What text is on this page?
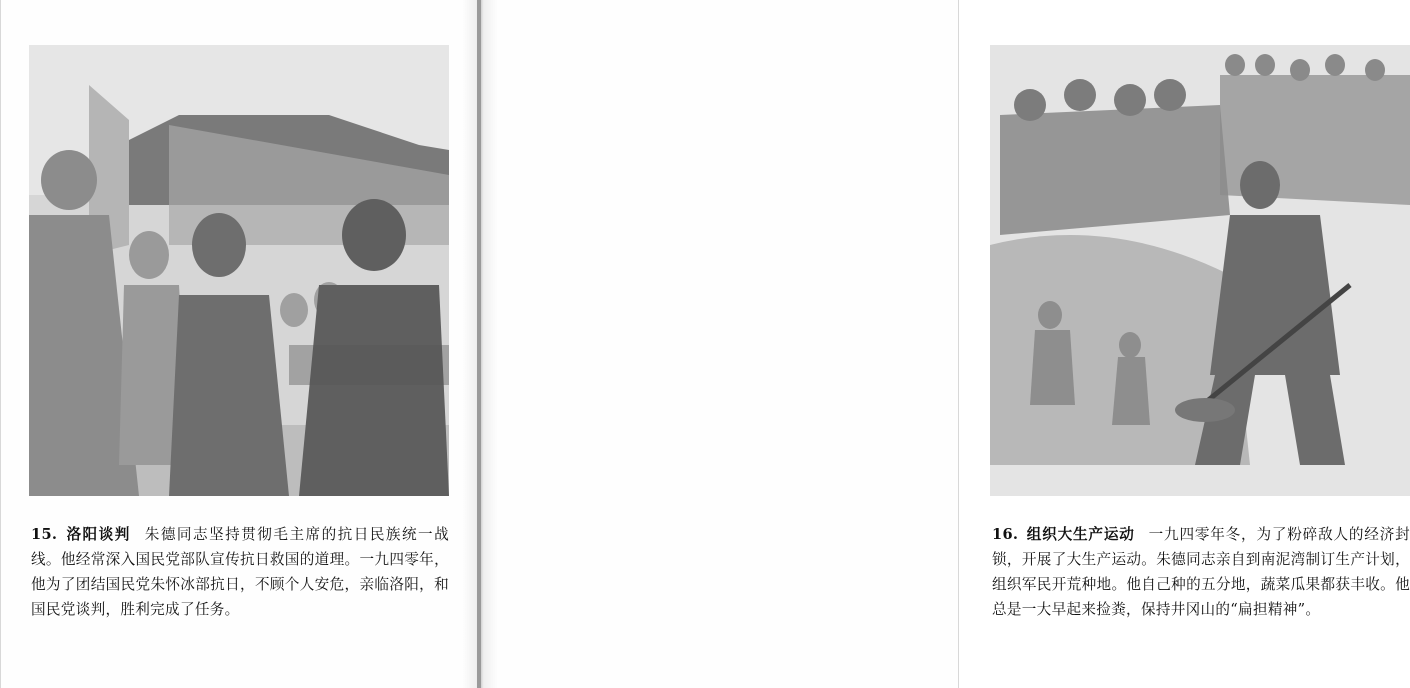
15. 洛阳谈判 朱德同志坚持贯彻毛主席的抗日民族统一战线。他经常深入国民党部队宣传抗日救国的道理。一九四零年，他为了团结国民党朱怀冰部抗日，不顾个人安危，亲临洛阳，和国民党谈判，胜利完成了任务。
16. 组织大生产运动 一九四零年冬，为了粉碎敌人的经济封锁，开展了大生产运动。朱德同志亲自到南泥湾制订生产计划，组织军民开荒种地。他自己种的五分地，蔬菜瓜果都获丰收。他总是一大早起来捡粪，保持井冈山的“扁担精神”。
